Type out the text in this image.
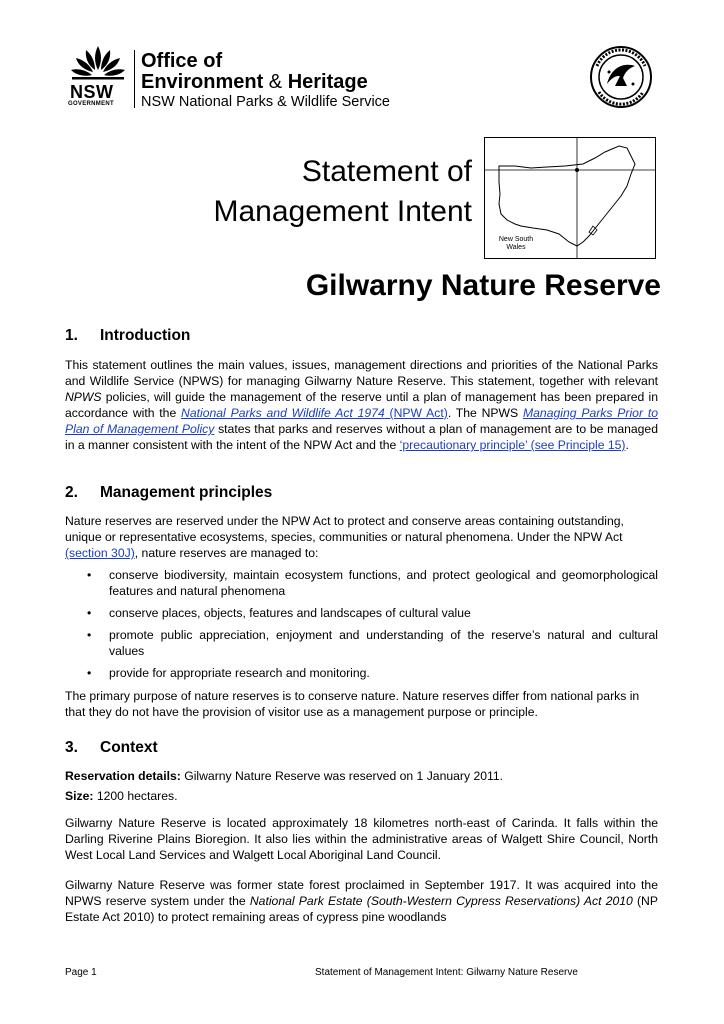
NSW
GOVERNMENT
Office of
Environment & Heritage
NSW National Parks & Wildlife Service
Statement of
Management Intent
New South
Wales
Gilwarny Nature Reserve
1. Introduction
This statement outlines the main values, issues, management directions and priorities of the National Parks and Wildlife Service (NPWS) for managing Gilwarny Nature Reserve. This statement, together with relevant NPWS policies, will guide the management of the reserve until a plan of management has been prepared in accordance with the National Parks and Wildlife Act 1974 (NPW Act). The NPWS Managing Parks Prior to Plan of Management Policy states that parks and reserves without a plan of management are to be managed in a manner consistent with the intent of the NPW Act and the ‘precautionary principle’ (see Principle 15).
2. Management principles
Nature reserves are reserved under the NPW Act to protect and conserve areas containing outstanding, unique or representative ecosystems, species, communities or natural phenomena. Under the NPW Act (section 30J), nature reserves are managed to:
• conserve biodiversity, maintain ecosystem functions, and protect geological and geomorphological features and natural phenomena
• conserve places, objects, features and landscapes of cultural value
• promote public appreciation, enjoyment and understanding of the reserve’s natural and cultural values
• provide for appropriate research and monitoring.
The primary purpose of nature reserves is to conserve nature. Nature reserves differ from national parks in that they do not have the provision of visitor use as a management purpose or principle.
3. Context
Reservation details: Gilwarny Nature Reserve was reserved on 1 January 2011.
Size: 1200 hectares.
Gilwarny Nature Reserve is located approximately 18 kilometres north-east of Carinda. It falls within the Darling Riverine Plains Bioregion. It also lies within the administrative areas of Walgett Shire Council, North West Local Land Services and Walgett Local Aboriginal Land Council.
Gilwarny Nature Reserve was former state forest proclaimed in September 1917. It was acquired into the NPWS reserve system under the National Park Estate (South-Western Cypress Reservations) Act 2010 (NP Estate Act 2010) to protect remaining areas of cypress pine woodlands
Page 1	Statement of Management Intent: Gilwarny Nature Reserve
